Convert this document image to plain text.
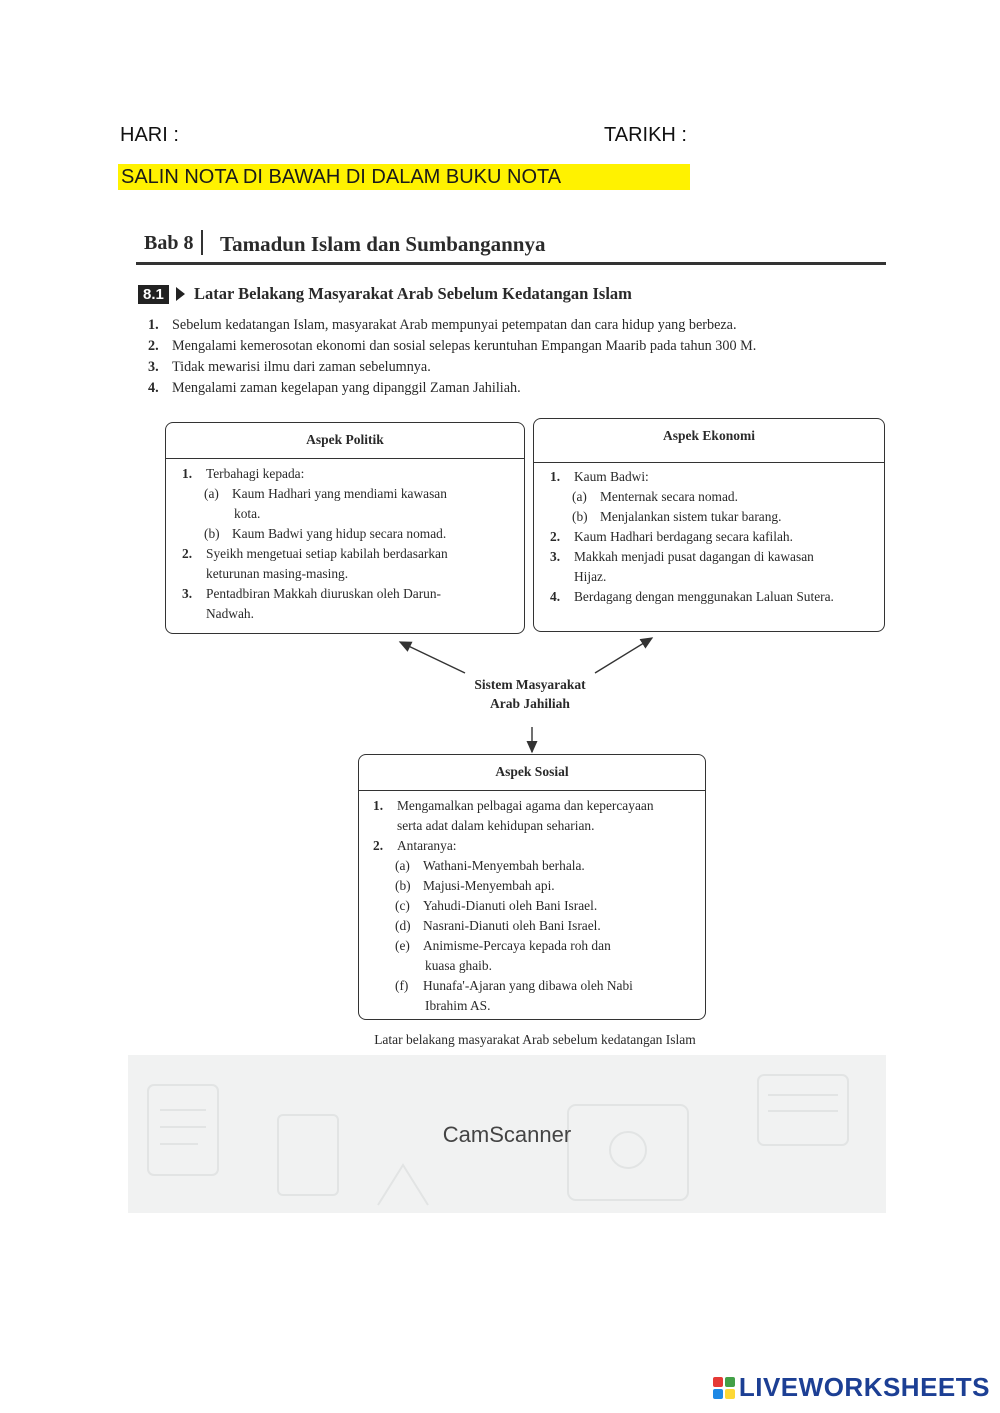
HARI :	TARIKH :
SALIN NOTA DI BAWAH DI DALAM BUKU NOTA
Bab 8	Tamadun Islam dan Sumbangannya
8.1	Latar Belakang Masyarakat Arab Sebelum Kedatangan Islam
1. Sebelum kedatangan Islam, masyarakat Arab mempunyai petempatan dan cara hidup yang berbeza.
2. Mengalami kemerosotan ekonomi dan sosial selepas keruntuhan Empangan Maarib pada tahun 300 M.
3. Tidak mewarisi ilmu dari zaman sebelumnya.
4. Mengalami zaman kegelapan yang dipanggil Zaman Jahiliah.
Aspek Politik
1. Terbahagi kepada:
(a) Kaum Hadhari yang mendiami kawasan
kota.
(b) Kaum Badwi yang hidup secara nomad.
2. Syeikh mengetuai setiap kabilah berdasarkan
keturunan masing-masing.
3. Pentadbiran Makkah diuruskan oleh Darun-
Nadwah.
Aspek Ekonomi
1. Kaum Badwi:
(a) Menternak secara nomad.
(b) Menjalankan sistem tukar barang.
2. Kaum Hadhari berdagang secara kafilah.
3. Makkah menjadi pusat dagangan di kawasan
Hijaz.
4. Berdagang dengan menggunakan Laluan Sutera.
Sistem Masyarakat
Arab Jahiliah
Aspek Sosial
1. Mengamalkan pelbagai agama dan kepercayaan
serta adat dalam kehidupan seharian.
2. Antaranya:
(a) Wathani-Menyembah berhala.
(b) Majusi-Menyembah api.
(c) Yahudi-Dianuti oleh Bani Israel.
(d) Nasrani-Dianuti oleh Bani Israel.
(e) Animisme-Percaya kepada roh dan
kuasa ghaib.
(f) Hunafa'-Ajaran yang dibawa oleh Nabi
Ibrahim AS.
Latar belakang masyarakat Arab sebelum kedatangan Islam
CamScanner
LIVEWORKSHEETS
